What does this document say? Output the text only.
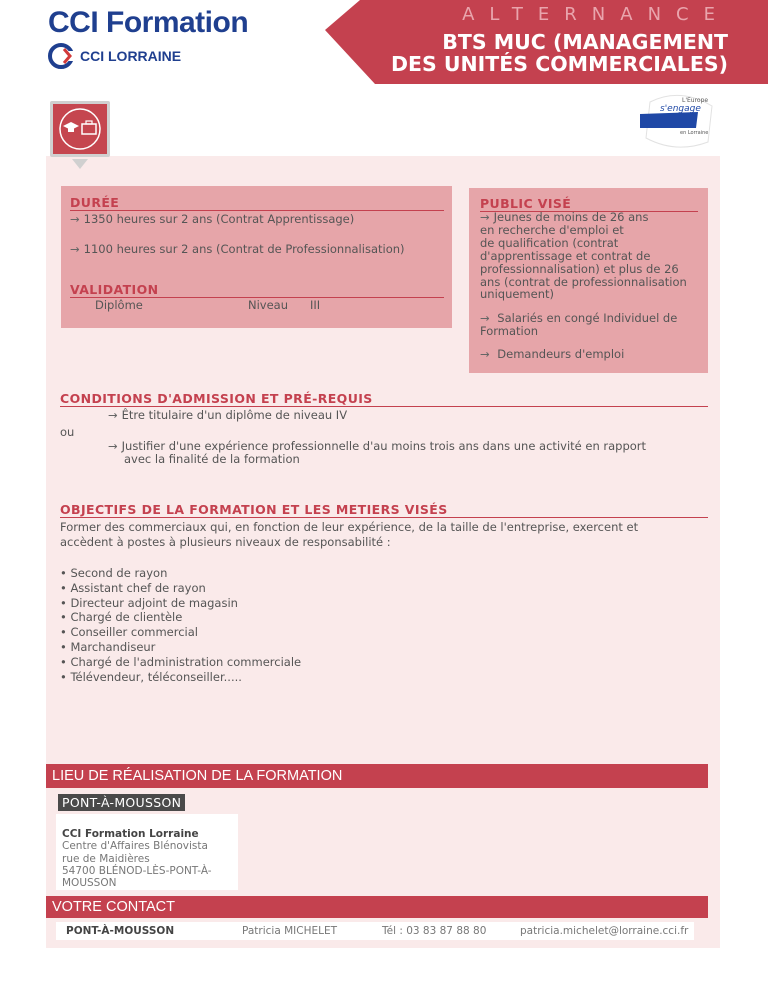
CCI Formation
CCI LORRAINE
ALTERNANCE
BTS MUC (MANAGEMENT
DES UNITÉS COMMERCIALES)
L'Europe
s'engage
en Lorraine
DURÉE
→ 1350 heures sur 2 ans (Contrat Apprentissage)
→ 1100 heures sur 2 ans (Contrat de Professionnalisation)
VALIDATION
Diplôme	Niveau III
PUBLIC VISÉ
→ Jeunes de moins de 26 ans
en recherche d'emploi et
de qualification (contrat
d'apprentissage et contrat de
professionnalisation) et plus de 26
ans (contrat de professionnalisation
uniquement)
→ Salariés en congé Individuel de
Formation
→ Demandeurs d'emploi
CONDITIONS D'ADMISSION ET PRÉ-REQUIS
→ Être titulaire d'un diplôme de niveau IV
ou
→ Justifier d'une expérience professionnelle d'au moins trois ans dans une activité en rapport
avec la finalité de la formation
OBJECTIFS DE LA FORMATION ET LES METIERS VISÉS
Former des commerciaux qui, en fonction de leur expérience, de la taille de l'entreprise, exercent et
accèdent à postes à plusieurs niveaux de responsabilité :
• Second de rayon
• Assistant chef de rayon
• Directeur adjoint de magasin
• Chargé de clientèle
• Conseiller commercial
• Marchandiseur
• Chargé de l'administration commerciale
• Télévendeur, téléconseiller.....
LIEU DE RÉALISATION DE LA FORMATION
PONT-À-MOUSSON
CCI Formation Lorraine
Centre d'Affaires Blénovista
rue de Maidières
54700 BLÉNOD-LÈS-PONT-À-
MOUSSON
VOTRE CONTACT
PONT-À-MOUSSON	Patricia MICHELET	Tél : 03 83 87 88 80	patricia.michelet@lorraine.cci.fr
